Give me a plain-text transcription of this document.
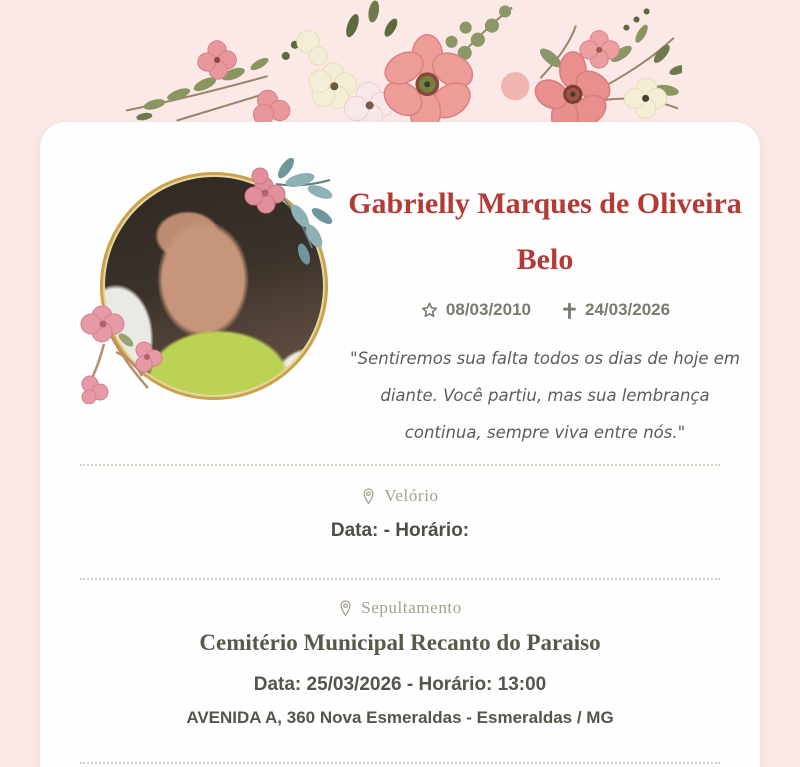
Gabrielly Marques de Oliveira Belo
08/03/2010	24/03/2026
"Sentiremos sua falta todos os dias de hoje em diante. Você partiu, mas sua lembrança continua, sempre viva entre nós."
Velório
Data: - Horário:
Sepultamento
Cemitério Municipal Recanto do Paraiso
Data: 25/03/2026 - Horário: 13:00
AVENIDA A, 360 Nova Esmeraldas - Esmeraldas / MG
